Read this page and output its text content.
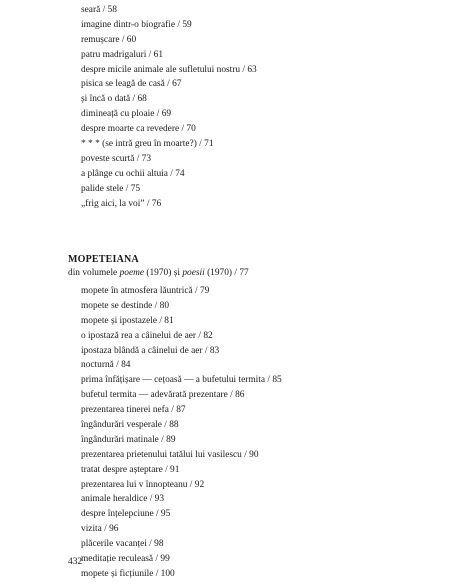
seară / 58
imagine dintr-o biografie / 59
remușcare / 60
patru madrigaluri / 61
despre micile animale ale sufletului nostru / 63
pisica se leagă de casă / 67
și încă o dată / 68
dimineață cu ploaie / 69
despre moarte ca revedere / 70
* * * (se intră greu în moarte?) / 71
poveste scurtă / 73
a plânge cu ochii altuia / 74
palide stele / 75
„frig aici, la voi” / 76
MOPETEIANA
din volumele poeme (1970) și poesii (1970) / 77
mopete în atmosfera lăuntrică / 79
mopete se destinde / 80
mopete și ipostazele / 81
o ipostază rea a câinelui de aer / 82
ipostaza blândă a câinelui de aer / 83
nocturnă / 84
prima înfățișare — cețoasă — a bufetului termita / 85
bufetul termita — adevărată prezentare / 86
prezentarea tinerei nefa / 87
îngândurări vesperale / 88
îngândurări matinale / 89
prezentarea prietenului tatălui lui vasilescu / 90
tratat despre așteptare / 91
prezentarea lui v înnopteanu / 92
animale heraldice / 93
despre înțelepciune / 95
vizita / 96
plăcerile vacanței / 98
meditație reculeasă / 99
mopete și ficțiunile / 100
432
